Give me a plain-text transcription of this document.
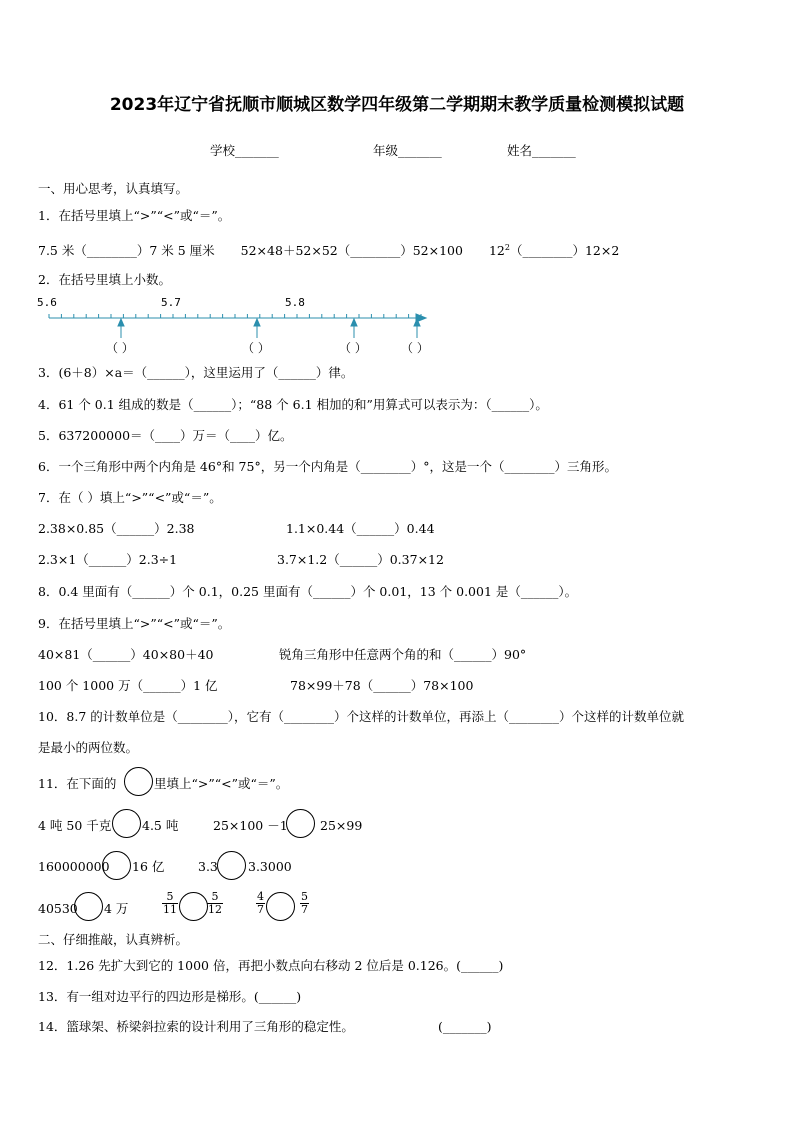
2023年辽宁省抚顺市顺城区数学四年级第二学期期末教学质量检测模拟试题
学校_______	年级_______	姓名_______
一、用心思考，认真填写。
1．在括号里填上“>”“<”或“＝”。
7.5 米（________）7 米 5 厘米 52×48＋52×52（________）52×100 $12^2(\_\_\_\_\_\_\_\_)12\times 2$
2．在括号里填上小数。
5.6	5.7	5.8
（ ）	（ ）	（ ）	（ ）
3．(6＋8）×a＝（______），这里运用了（______）律。
4．61 个 0.1 组成的数是（______）；“88 个 6.1 相加的和”用算式可以表示为：（______）。
5．637200000＝（____）万＝（____）亿。
6．一个三角形中两个内角是 46°和 75°，另一个内角是（________）°，这是一个（________）三角形。
7．在（ ）填上“>”“<”或“＝”。
2.38×0.85（______）2.38	1.1×0.44（______）0.44
2.3×1（______）2.3÷1	3.7×1.2（______）0.37×12
8．0.4 里面有（______）个 0.1，0.25 里面有（______）个 0.01，13 个 0.001 是（______）。
9．在括号里填上“>”“<”或“＝”。
40×81（______）40×80＋40	锐角三角形中任意两个角的和（______）90°
100 个 1000 万（______）1 亿	78×99＋78（______）78×100
10．8.7 的计数单位是（________），它有（________）个这样的计数单位，再添上（________）个这样的计数单位就
是最小的两位数。
11．在下面的	里填上“>”“<”或“＝”。
4 吨 50 千克 4.5 吨	25×100 －1	25×99
160000000 16 亿	3.3 3.3000
40530 4 万	$\frac{5}{11}$	$\frac{5}{12}$	$\frac{4}{7}$	$\frac{5}{7}$
二、仔细推敲，认真辨析。
12．1.26 先扩大到它的 1000 倍，再把小数点向右移动 2 位后是 0.126。(______)
13．有一组对边平行的四边形是梯形。(______)
14．篮球架、桥梁斜拉索的设计利用了三角形的稳定性。	(_______)
